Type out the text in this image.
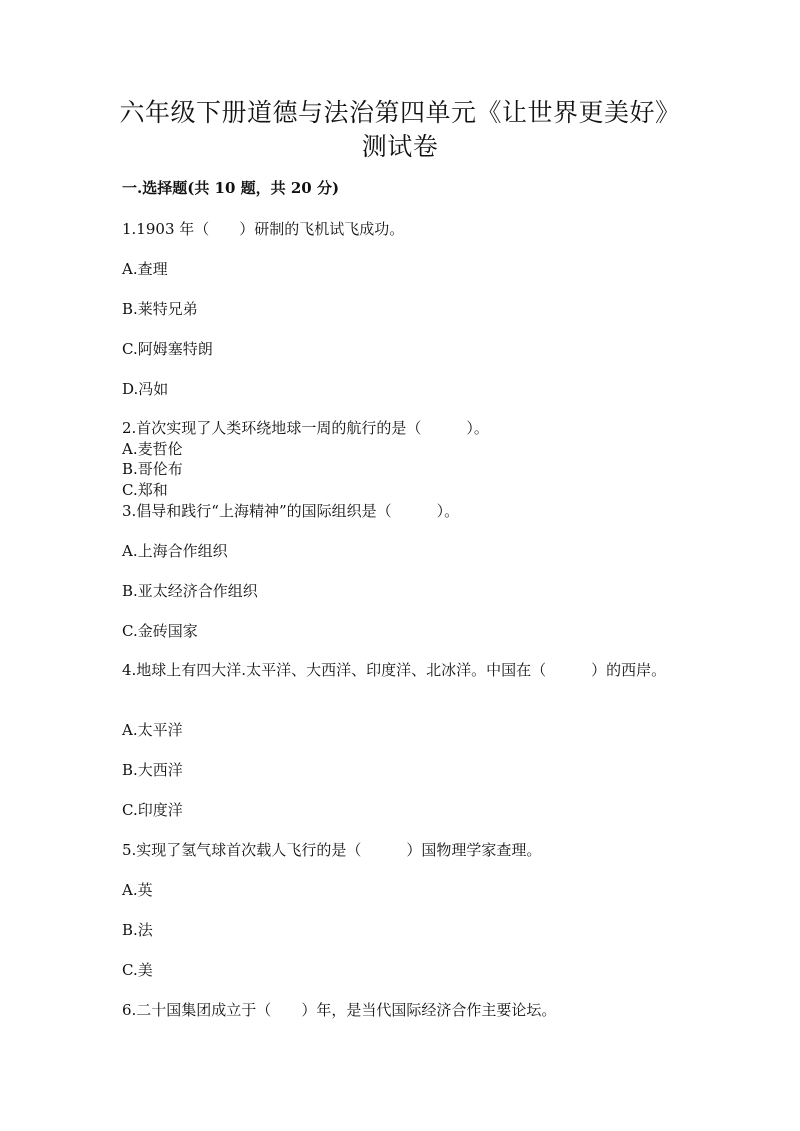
六年级下册道德与法治第四单元《让世界更美好》
测试卷
一.选择题(共 10 题，共 20 分)
1.1903 年（　　）研制的飞机试飞成功。
A.查理
B.莱特兄弟
C.阿姆塞特朗
D.冯如
2.首次实现了人类环绕地球一周的航行的是（　　　）。
A.麦哲伦
B.哥伦布
C.郑和
3.倡导和践行“上海精神”的国际组织是（　　　）。
A.上海合作组织
B.亚太经济合作组织
C.金砖国家
4.地球上有四大洋.太平洋、大西洋、印度洋、北冰洋。中国在（　　　）的西岸。
A.太平洋
B.大西洋
C.印度洋
5.实现了氢气球首次载人飞行的是（　　　）国物理学家查理。
A.英
B.法
C.美
6.二十国集团成立于（　　）年，是当代国际经济合作主要论坛。
